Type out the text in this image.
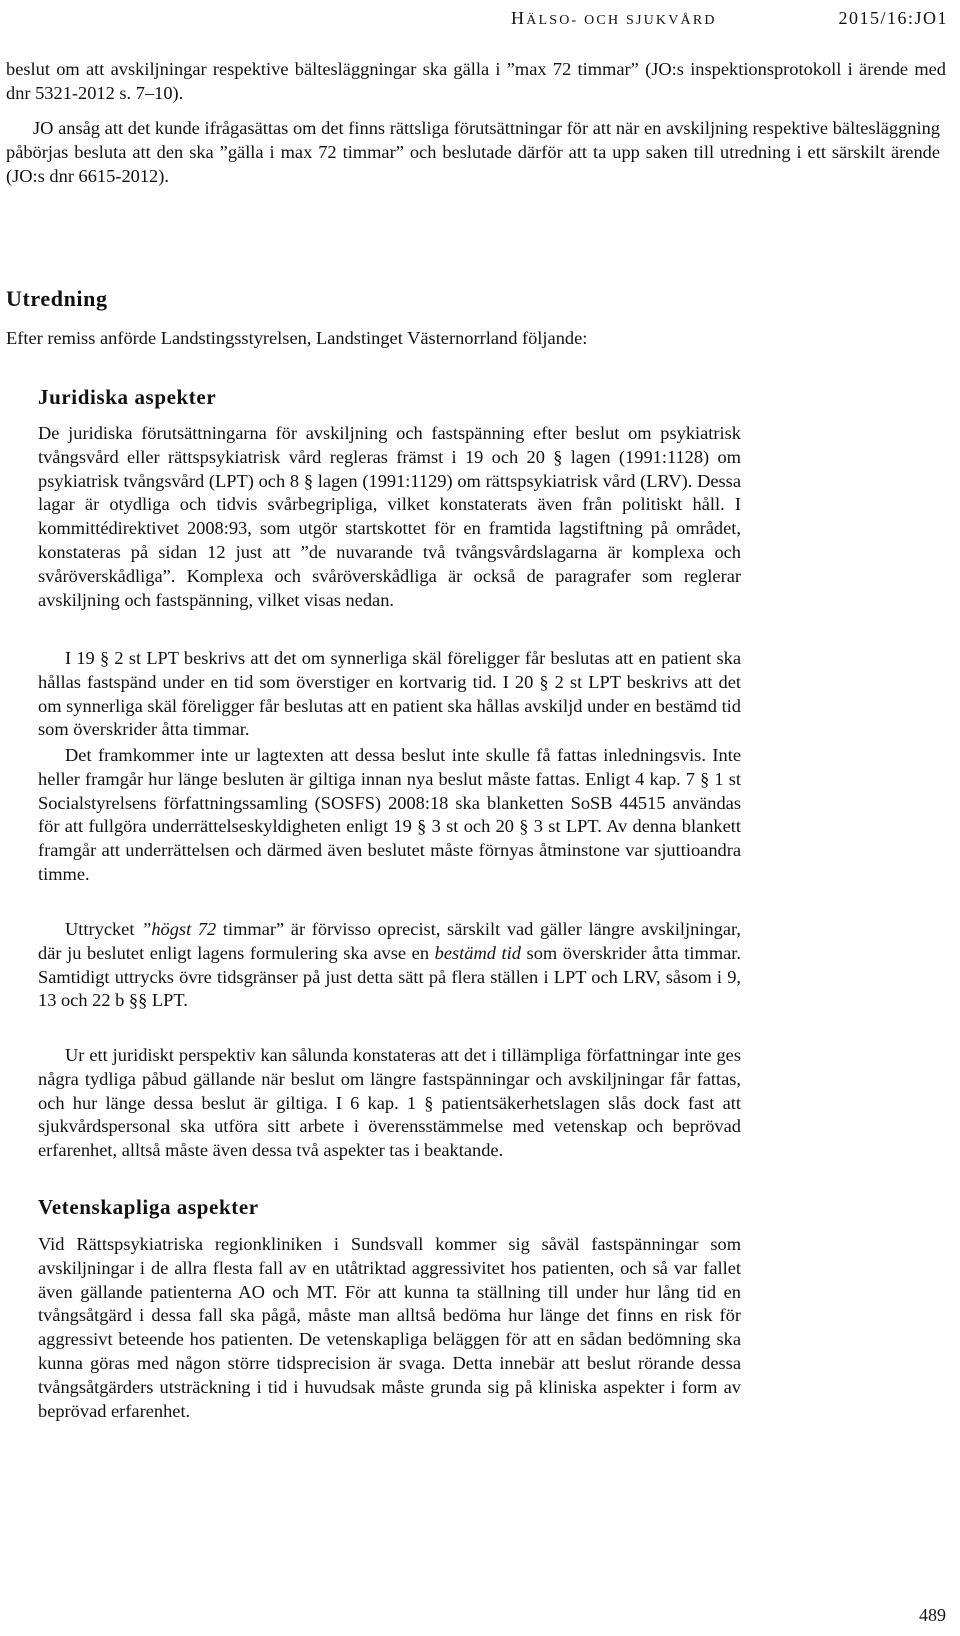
HÄLSO- OCH SJUKVÅRD	2015/16:JO1

beslut om att avskiljningar respektive bältesläggningar ska gälla i ”max 72 timmar” (JO:s inspektionsprotokoll i ärende med dnr 5321-2012 s. 7–10).

JO ansåg att det kunde ifrågasättas om det finns rättsliga förutsättningar för att när en avskiljning respektive bältesläggning påbörjas besluta att den ska ”gälla i max 72 timmar” och beslutade därför att ta upp saken till utredning i ett särskilt ärende (JO:s dnr 6615-2012).

Utredning

Efter remiss anförde Landstingsstyrelsen, Landstinget Västernorrland följande:

Juridiska aspekter

De juridiska förutsättningarna för avskiljning och fastspänning efter beslut om psykiatrisk tvångsvård eller rättspsykiatrisk vård regleras främst i 19 och 20 § lagen (1991:1128) om psykiatrisk tvångsvård (LPT) och 8 § lagen (1991:1129) om rättspsykiatrisk vård (LRV). Dessa lagar är otydliga och tidvis svårbegripliga, vilket konstaterats även från politiskt håll. I kommittédirektivet 2008:93, som utgör startskottet för en framtida lagstiftning på området, konstateras på sidan 12 just att ”de nuvarande två tvångsvårdslagarna är komplexa och svåröverskådliga”. Komplexa och svåröverskådliga är också de paragrafer som reglerar avskiljning och fastspänning, vilket visas nedan.

I 19 § 2 st LPT beskrivs att det om synnerliga skäl föreligger får beslutas att en patient ska hållas fastspänd under en tid som överstiger en kortvarig tid. I 20 § 2 st LPT beskrivs att det om synnerliga skäl föreligger får beslutas att en patient ska hållas avskiljd under en bestämd tid som överskrider åtta timmar.

Det framkommer inte ur lagtexten att dessa beslut inte skulle få fattas inledningsvis. Inte heller framgår hur länge besluten är giltiga innan nya beslut måste fattas. Enligt 4 kap. 7 § 1 st Socialstyrelsens författningssamling (SOSFS) 2008:18 ska blanketten SoSB 44515 användas för att fullgöra underrättelseskyldigheten enligt 19 § 3 st och 20 § 3 st LPT. Av denna blankett framgår att underrättelsen och därmed även beslutet måste förnyas åtminstone var sjuttioandra timme.

Uttrycket ”högst 72 timmar” är förvisso oprecist, särskilt vad gäller längre avskiljningar, där ju beslutet enligt lagens formulering ska avse en bestämd tid som överskrider åtta timmar. Samtidigt uttrycks övre tidsgränser på just detta sätt på flera ställen i LPT och LRV, såsom i 9, 13 och 22 b §§ LPT.

Ur ett juridiskt perspektiv kan sålunda konstateras att det i tillämpliga författningar inte ges några tydliga påbud gällande när beslut om längre fastspänningar och avskiljningar får fattas, och hur länge dessa beslut är giltiga. I 6 kap. 1 § patientsäkerhetslagen slås dock fast att sjukvårdspersonal ska utföra sitt arbete i överensstämmelse med vetenskap och beprövad erfarenhet, alltså måste även dessa två aspekter tas i beaktande.

Vetenskapliga aspekter

Vid Rättspsykiatriska regionkliniken i Sundsvall kommer sig såväl fastspänningar som avskiljningar i de allra flesta fall av en utåtriktad aggressivitet hos patienten, och så var fallet även gällande patienterna AO och MT. För att kunna ta ställning till under hur lång tid en tvångsåtgärd i dessa fall ska pågå, måste man alltså bedöma hur länge det finns en risk för aggressivt beteende hos patienten. De vetenskapliga beläggen för att en sådan bedömning ska kunna göras med någon större tidsprecision är svaga. Detta innebär att beslut rörande dessa tvångsåtgärders utsträckning i tid i huvudsak måste grunda sig på kliniska aspekter i form av beprövad erfarenhet.

489
